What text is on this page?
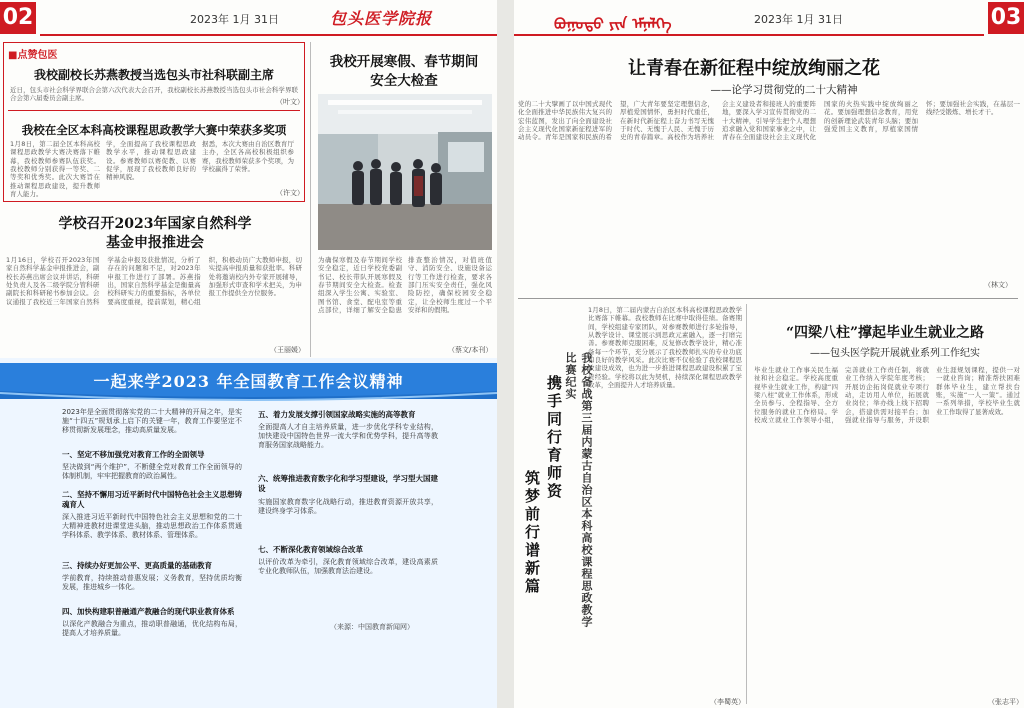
02	2023年 1月 31日	包头医学院报
■点赞包医
我校副校长苏燕教授当选包头市社科联副主席
近日，包头市社会科学界联合会第六次代表大会召开，我校副校长苏燕教授当选包头市社会科学界联合会第六届委员会副主席。	（叶文）
我校在全区本科高校课程思政教学大赛中荣获多奖项
1月8日，第二届全区本科高校课程思政教学大赛决赛落下帷幕，我校教师参赛队伍获奖。我校教师分别获得一等奖、二等奖和优秀奖。此次大赛旨在推动课程思政建设，提升教师育人能力。
学，全面提高了我校课程思政教学水平，推动课程思政建设。参赛教师以赛促教、以赛促学，展现了我校教师良好的精神风貌。
据悉，本次大赛由自治区教育厅主办，全区各高校积极组织参赛，我校教师荣获多个奖项，为学校赢得了荣誉。
（许文）
学校召开2023年国家自然科学
基金申报推进会
1月16日，学校召开2023年国家自然科学基金申报推进会，副校长苏燕出席会议并讲话，科研处负责人及各二级学院分管科研副院长和科研秘书参加会议。会议通报了我校近三年国家自然科学基金申报及获批情况，分析了存在的问题和不足，对2023年申报工作进行了部署。苏燕指出，国家自然科学基金是衡量高校科研实力的重要指标，各单位要高度重视，提前谋划，精心组织，积极动员广大教师申报，切实提高申报质量和获批率。科研处将邀请校内外专家开展辅导，加强形式审查和学术把关，为申报工作提供全方位服务。
（王丽媛）
我校开展寒假、春节期间
安全大检查
为确保寒假及春节期间学校安全稳定，近日学校党委副书记、校长带队开展寒假及春节期间安全大检查。检查组深入学生公寓、实验室、图书馆、食堂、配电室等重点部位，详细了解安全隐患排查整治情况，对值班值守、消防安全、设施设备运行等工作进行检查，要求各部门压实安全责任，强化风险防控，确保校园安全稳定，让全校师生度过一个平安祥和的假期。
（蔡文/本刊）
一起来学2023 年全国教育工作会议精神
2023年是全面贯彻落实党的二十大精神的开局之年，是实施“十四五”规划承上启下的关键一年，教育工作要坚定不移贯彻新发展理念，推动高质量发展。
一、坚定不移加强党对教育工作的全面领导
坚决做到“两个维护”，不断健全党对教育工作全面领导的体制机制，牢牢把握教育的政治属性。
二、坚持不懈用习近平新时代中国特色社会主义思想铸魂育人
深入推进习近平新时代中国特色社会主义思想和党的二十大精神进教材进课堂进头脑，推动思想政治工作体系贯通学科体系、教学体系、教材体系、管理体系。
三、持续办好更加公平、更高质量的基础教育
学前教育，持续推动普惠发展；义务教育，坚持优质均衡发展，推进城乡一体化。
四、加快构建职普融通产教融合的现代职业教育体系
以深化产教融合为重点，推动职普融通，优化结构布局，提高人才培养质量。
五、着力发展支撑引领国家战略实施的高等教育
全面提高人才自主培养质量，进一步优化学科专业结构，加快建设中国特色世界一流大学和优势学科，提升高等教育服务国家战略能力。
六、统筹推进教育数字化和学习型建设，学习型大国建设
实施国家教育数字化战略行动，推进教育资源开放共享，建设终身学习体系。
七、不断深化教育领域综合改革
以评价改革为牵引，深化教育领域综合改革，建设高素质专业化教师队伍，加强教育法治建设。
（来源：中国教育新闻网）
ᠪᠣᠭᠤᠲᠤ ᠶᠢᠨ ᠡᠮᠨᠡᠯᠭᠡ	2023年 1月 31日	03
让青春在新征程中绽放绚丽之花
——论学习贯彻党的二十大精神
党的二十大擘画了以中国式现代化全面推进中华民族伟大复兴的宏伟蓝图，发出了向全面建设社会主义现代化国家新征程进军的动员令。青年是国家和民族的希望，广大青年要坚定理想信念，厚植爱国情怀，勇担时代重任，在新时代新征程上奋力书写无愧于时代、无愧于人民、无愧于历史的青春篇章。高校作为培养社会主义建设者和接班人的重要阵地，要深入学习宣传贯彻党的二十大精神，引导学生把个人理想追求融入党和国家事业之中，让青春在全面建设社会主义现代化国家的火热实践中绽放绚丽之花。要加强理想信念教育，用党的创新理论武装青年头脑；要加强爱国主义教育，厚植家国情怀；要加强社会实践，在基层一线经受锻炼、增长才干。
（林文）
我校备战第三届内蒙古自治区本科高校课程思政教学比赛纪实
携手同行育师资
筑梦前行谱新篇
1月8日，第二届内蒙古自治区本科高校课程思政教学比赛落下帷幕。我校教师在比赛中取得佳绩。备赛期间，学校组建专家团队，对参赛教师进行多轮指导，从教学设计、课堂展示到思政元素融入，逐一打磨完善。参赛教师克服困难，反复修改教学设计，精心准备每一个环节，充分展示了我校教师扎实的专业功底和良好的教学风采。此次比赛不仅检验了我校课程思政建设成效，也为进一步推进课程思政建设积累了宝贵经验。学校将以此为契机，持续深化课程思政教学改革，全面提升人才培养质量。
（李蜀英）
“四梁八柱”撑起毕业生就业之路
——包头医学院开展就业系列工作纪实
毕业生就业工作事关民生福祉和社会稳定。学校高度重视毕业生就业工作，构建“四梁八柱”就业工作体系，形成全员参与、全程指导、全方位服务的就业工作格局。学校成立就业工作领导小组，完善就业工作责任制，将就业工作纳入学院年度考核；开展访企拓岗促就业专项行动，走访用人单位，拓展就业岗位；举办线上线下招聘会，搭建供需对接平台；加强就业指导与服务，开设职业生涯规划课程，提供一对一就业咨询；精准帮扶困难群体毕业生，建立帮扶台账，实施“一人一策”。通过一系列举措，学校毕业生就业工作取得了显著成效。
（张志平）
